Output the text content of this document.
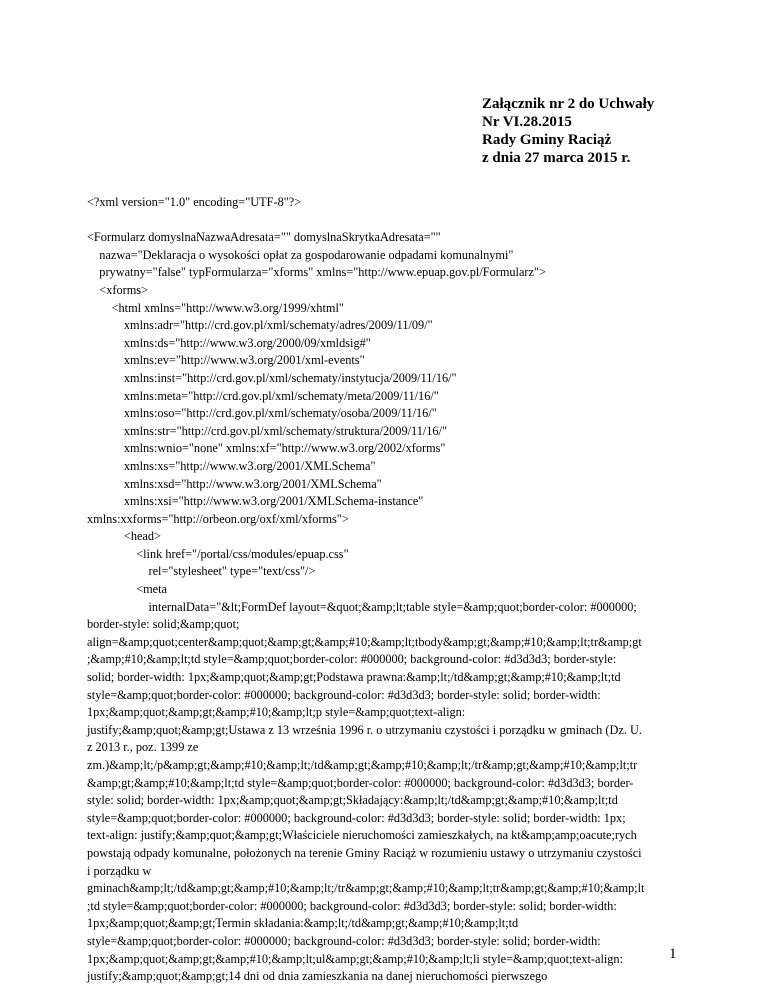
Załącznik nr 2 do Uchwały
Nr VI.28.2015
Rady Gminy Raciąż
z dnia 27 marca 2015 r.
<?xml version="1.0" encoding="UTF-8"?>
<Formularz domyslnaNazwaAdresata="" domyslnaSkrytkaAdresata=""
nazwa="Deklaracja o wysokości opłat za gospodarowanie odpadami komunalnymi"
prywatny="false" typFormularza="xforms" xmlns="http://www.epuap.gov.pl/Formularz">
<xforms>
<html xmlns="http://www.w3.org/1999/xhtml"
xmlns:adr="http://crd.gov.pl/xml/schematy/adres/2009/11/09/"
xmlns:ds="http://www.w3.org/2000/09/xmldsig#"
xmlns:ev="http://www.w3.org/2001/xml-events"
xmlns:inst="http://crd.gov.pl/xml/schematy/instytucja/2009/11/16/"
xmlns:meta="http://crd.gov.pl/xml/schematy/meta/2009/11/16/"
xmlns:oso="http://crd.gov.pl/xml/schematy/osoba/2009/11/16/"
xmlns:str="http://crd.gov.pl/xml/schematy/struktura/2009/11/16/"
xmlns:wnio="none" xmlns:xf="http://www.w3.org/2002/xforms"
xmlns:xs="http://www.w3.org/2001/XMLSchema"
xmlns:xsd="http://www.w3.org/2001/XMLSchema"
xmlns:xsi="http://www.w3.org/2001/XMLSchema-instance"
xmlns:xxforms="http://orbeon.org/oxf/xml/xforms">
<head>
<link href="/portal/css/modules/epuap.css"
rel="stylesheet" type="text/css"/>
<meta
internalData="&lt;FormDef layout=&quot;&amp;lt;table style=&amp;quot;border-color: #000000;
border-style: solid;&amp;quot;
align=&amp;quot;center&amp;quot;&amp;gt;&amp;#10;&amp;lt;tbody&amp;gt;&amp;#10;&amp;lt;tr&amp;gt
;&amp;#10;&amp;lt;td style=&amp;quot;border-color: #000000; background-color: #d3d3d3; border-style:
solid; border-width: 1px;&amp;quot;&amp;gt;Podstawa prawna:&amp;lt;/td&amp;gt;&amp;#10;&amp;lt;td
style=&amp;quot;border-color: #000000; background-color: #d3d3d3; border-style: solid; border-width:
1px;&amp;quot;&amp;gt;&amp;#10;&amp;lt;p style=&amp;quot;text-align:
justify;&amp;quot;&amp;gt;Ustawa z 13 września 1996 r. o utrzymaniu czystości i porządku w gminach (Dz. U.
z 2013 r., poz. 1399 ze
zm.)&amp;lt;/p&amp;gt;&amp;#10;&amp;lt;/td&amp;gt;&amp;#10;&amp;lt;/tr&amp;gt;&amp;#10;&amp;lt;tr
&amp;gt;&amp;#10;&amp;lt;td style=&amp;quot;border-color: #000000; background-color: #d3d3d3; border-
style: solid; border-width: 1px;&amp;quot;&amp;gt;Składający:&amp;lt;/td&amp;gt;&amp;#10;&amp;lt;td
style=&amp;quot;border-color: #000000; background-color: #d3d3d3; border-style: solid; border-width: 1px;
text-align: justify;&amp;quot;&amp;gt;Właściciele nieruchomości zamieszkałych, na kt&amp;amp;oacute;rych
powstają odpady komunalne, położonych na terenie Gminy Raciąż w rozumieniu ustawy o utrzymaniu czystości
i porządku w
gminach&amp;lt;/td&amp;gt;&amp;#10;&amp;lt;/tr&amp;gt;&amp;#10;&amp;lt;tr&amp;gt;&amp;#10;&amp;lt
;td style=&amp;quot;border-color: #000000; background-color: #d3d3d3; border-style: solid; border-width:
1px;&amp;quot;&amp;gt;Termin składania:&amp;lt;/td&amp;gt;&amp;#10;&amp;lt;td
style=&amp;quot;border-color: #000000; background-color: #d3d3d3; border-style: solid; border-width:
1px;&amp;quot;&amp;gt;&amp;#10;&amp;lt;ul&amp;gt;&amp;#10;&amp;lt;li style=&amp;quot;text-align:
justify;&amp;quot;&amp;gt;14 dni od dnia zamieszkania na danej nieruchomości pierwszego
1
